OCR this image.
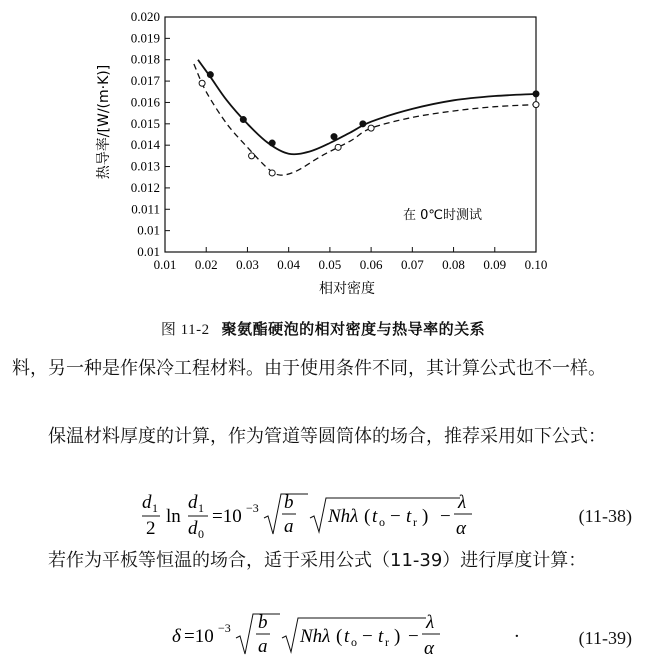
0.01 0.02 0.03 0.04 0.05 0.06 0.07 0.08 0.09 0.10
0.01
0.01
0.011
0.012
0.013
0.014
0.015
0.016
0.017
0.018
0.019
0.020
热导率/[W/(m·K)]
相对密度
在 0℃时测试
图 11-2 聚氨酯硬泡的相对密度与热导率的关系

料，另一种是作保冷工程材料。由于使用条件不同，其计算公式也不一样。

保温材料厚度的计算，作为管道等圆筒体的场合，推荐采用如下公式：

d 1
2
ln
d 1
d 0
=10 −3 b
a Nhλ ( t o − t r ) −
λ
α
(11-38)

若作为平板等恒温的场合，适于采用公式（11-39）进行厚度计算：

δ =10 −3 b
a Nhλ ( t o − t r ) −
λ
α
·	(11-39)
